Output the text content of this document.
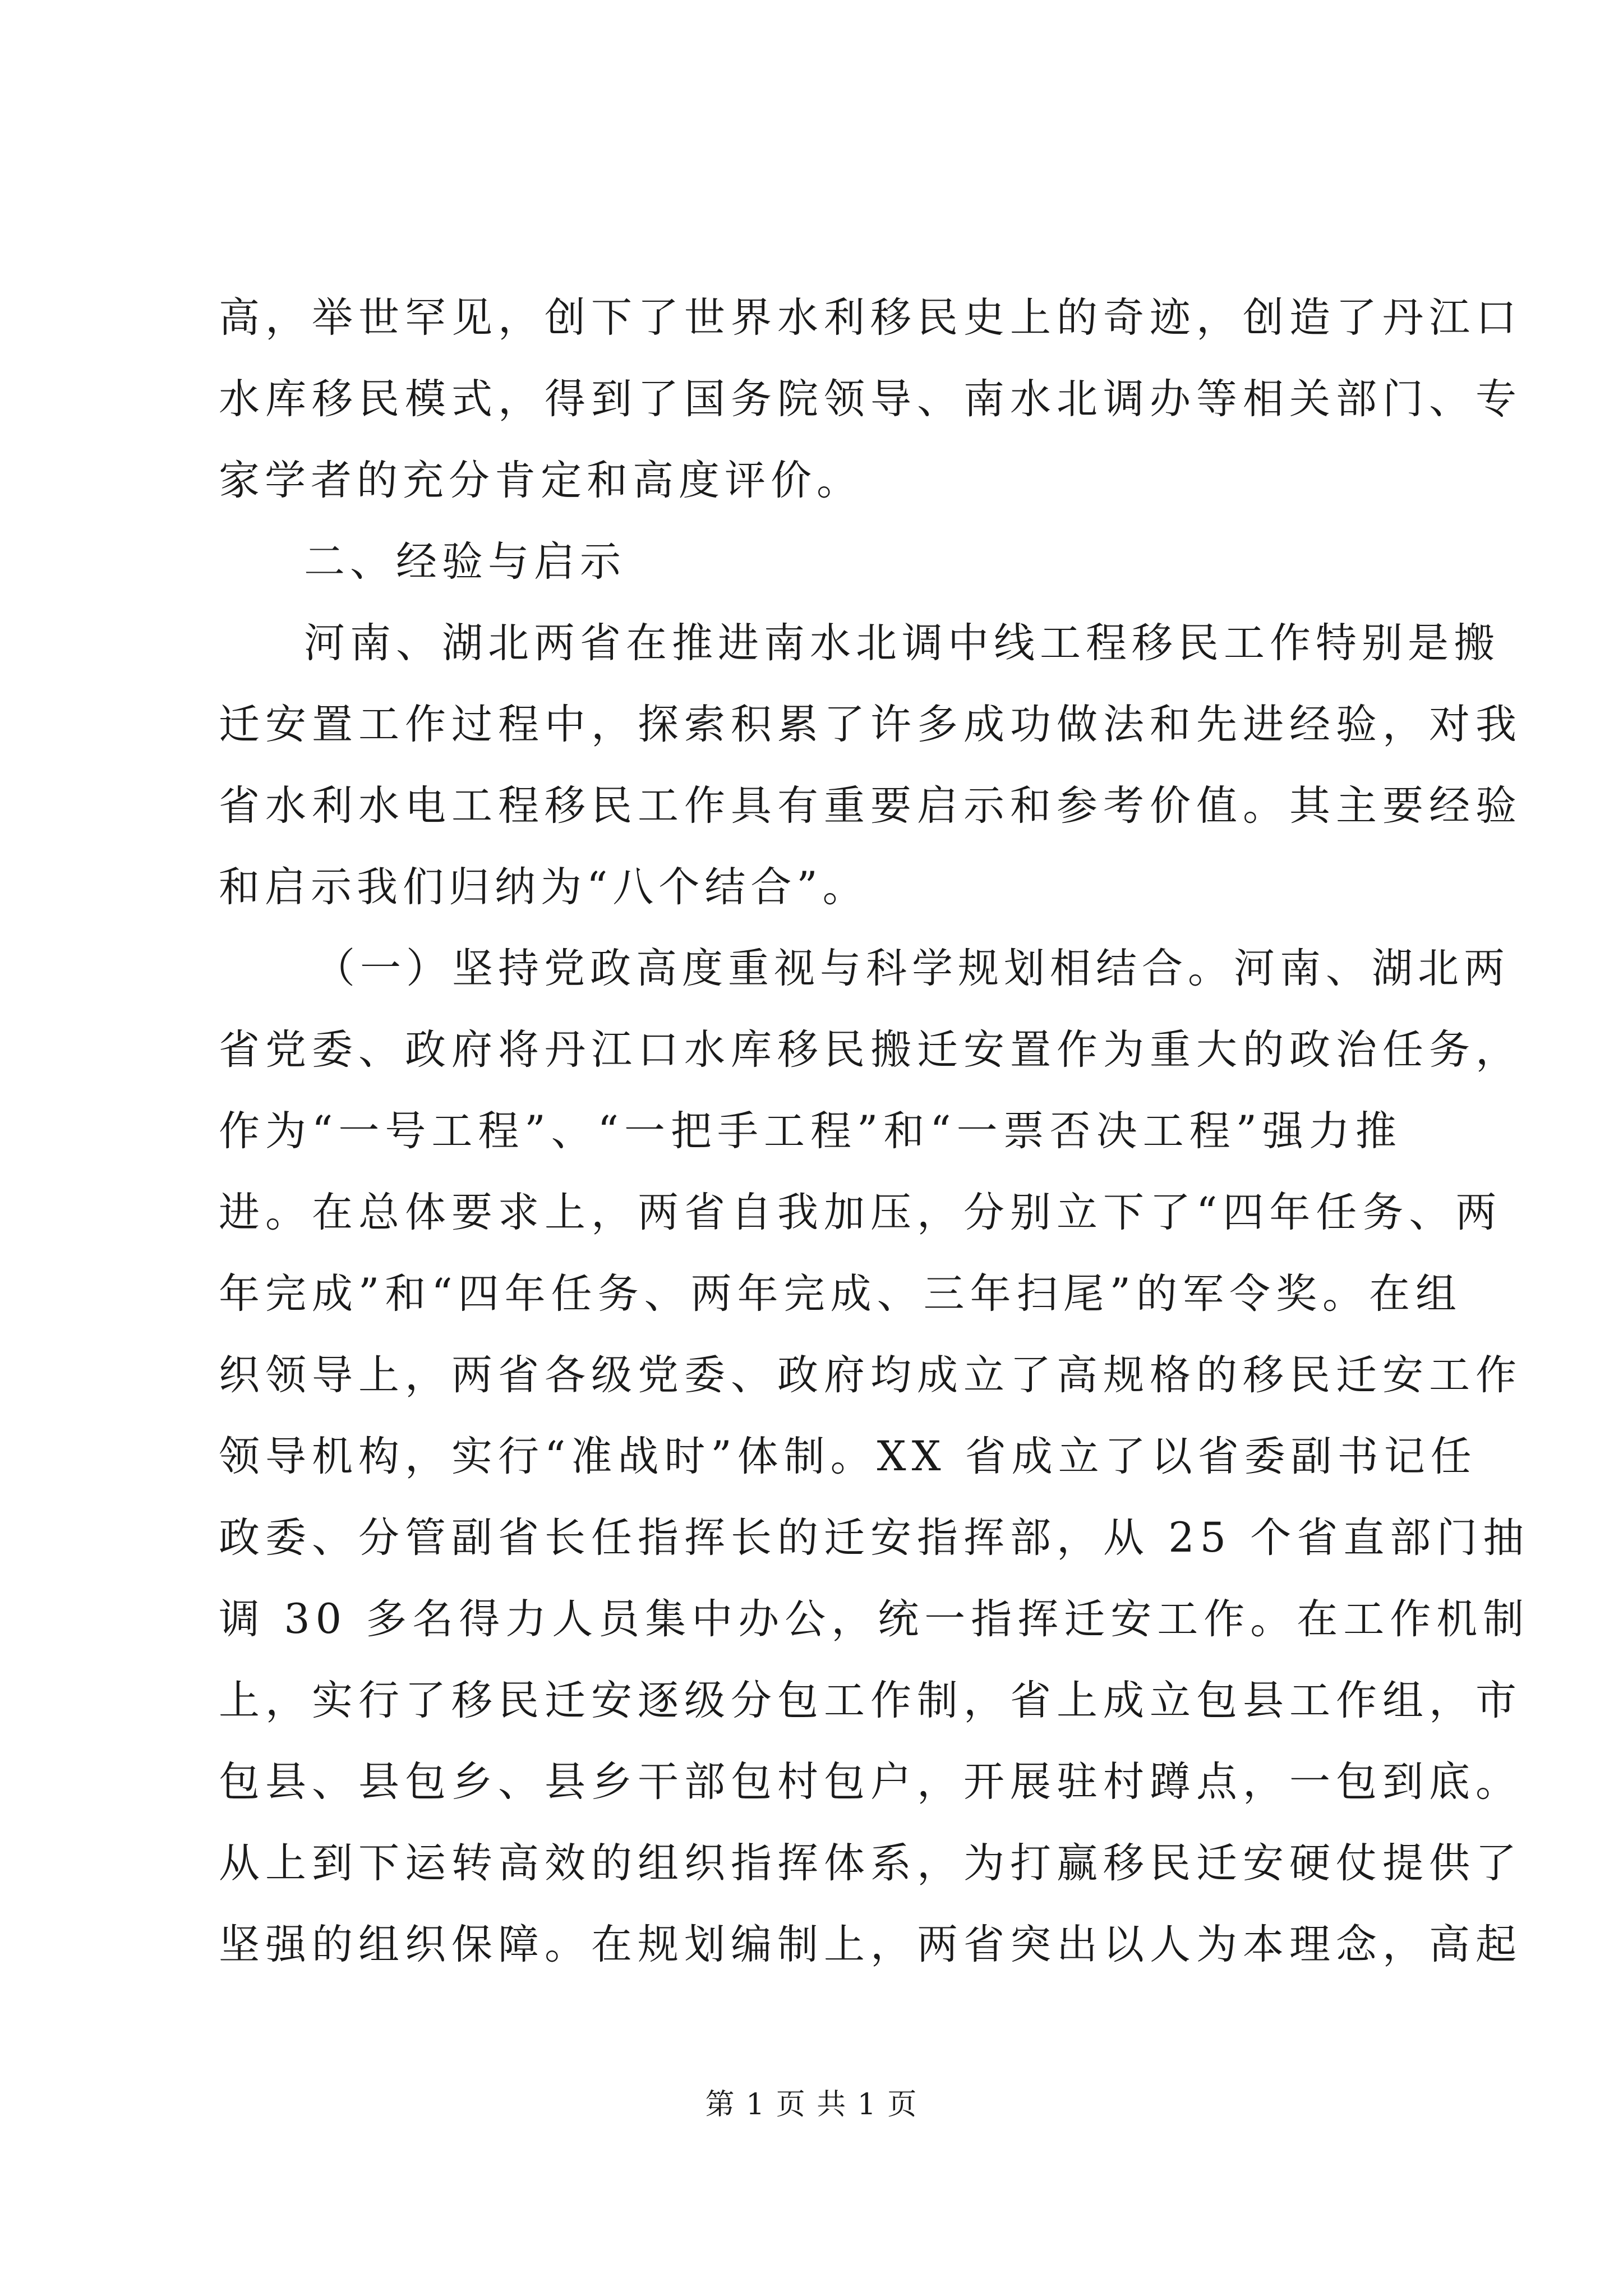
高，举世罕见，创下了世界水利移民史上的奇迹，创造了丹江口
水库移民模式，得到了国务院领导、南水北调办等相关部门、专
家学者的充分肯定和高度评价。
二、经验与启示
河南、湖北两省在推进南水北调中线工程移民工作特别是搬
迁安置工作过程中，探索积累了许多成功做法和先进经验，对我
省水利水电工程移民工作具有重要启示和参考价值。其主要经验
和启示我们归纳为“八个结合”。
（一）坚持党政高度重视与科学规划相结合。河南、湖北两
省党委、政府将丹江口水库移民搬迁安置作为重大的政治任务，
作为“一号工程”、“一把手工程”和“一票否决工程”强力推
进。在总体要求上，两省自我加压，分别立下了“四年任务、两
年完成”和“四年任务、两年完成、三年扫尾”的军令奖。在组
织领导上，两省各级党委、政府均成立了高规格的移民迁安工作
领导机构，实行“准战时”体制。XX 省成立了以省委副书记任
政委、分管副省长任指挥长的迁安指挥部，从 25 个省直部门抽
调 30 多名得力人员集中办公，统一指挥迁安工作。在工作机制
上，实行了移民迁安逐级分包工作制，省上成立包县工作组，市
包县、县包乡、县乡干部包村包户，开展驻村蹲点，一包到底。
从上到下运转高效的组织指挥体系，为打赢移民迁安硬仗提供了
坚强的组织保障。在规划编制上，两省突出以人为本理念，高起
第 1 页 共 1 页
